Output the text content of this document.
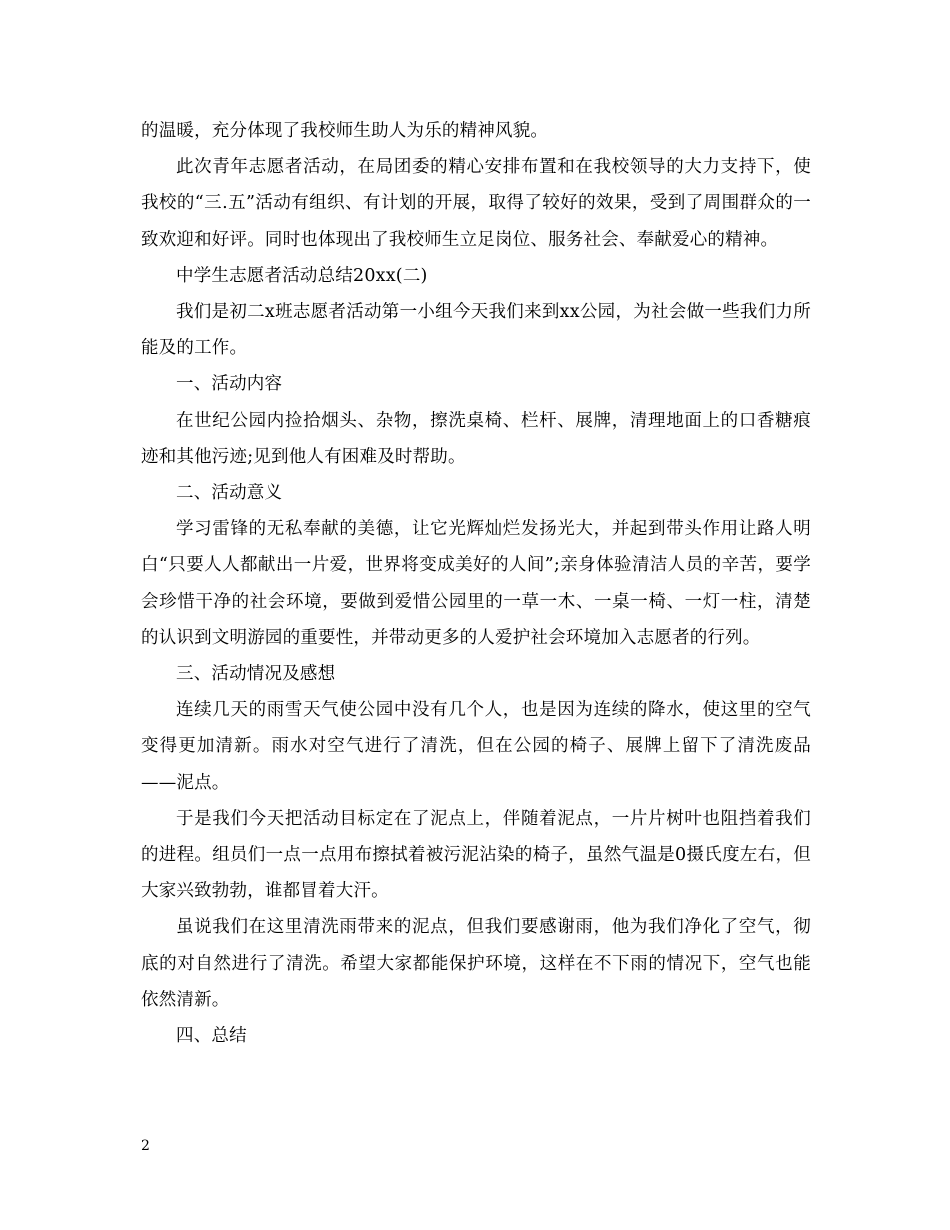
的温暖，充分体现了我校师生助人为乐的精神风貌。

此次青年志愿者活动，在局团委的精心安排布置和在我校领导的大力支持下，使我校的“三.五”活动有组织、有计划的开展，取得了较好的效果，受到了周围群众的一致欢迎和好评。同时也体现出了我校师生立足岗位、服务社会、奉献爱心的精神。

中学生志愿者活动总结20xx(二)

我们是初二x班志愿者活动第一小组今天我们来到xx公园，为社会做一些我们力所能及的工作。

一、活动内容

在世纪公园内捡拾烟头、杂物，擦洗桌椅、栏杆、展牌，清理地面上的口香糖痕迹和其他污迹;见到他人有困难及时帮助。

二、活动意义

学习雷锋的无私奉献的美德，让它光辉灿烂发扬光大，并起到带头作用让路人明白“只要人人都献出一片爱，世界将变成美好的人间”;亲身体验清洁人员的辛苦，要学会珍惜干净的社会环境，要做到爱惜公园里的一草一木、一桌一椅、一灯一柱，清楚的认识到文明游园的重要性，并带动更多的人爱护社会环境加入志愿者的行列。

三、活动情况及感想

连续几天的雨雪天气使公园中没有几个人，也是因为连续的降水，使这里的空气变得更加清新。雨水对空气进行了清洗，但在公园的椅子、展牌上留下了清洗废品——泥点。

于是我们今天把活动目标定在了泥点上，伴随着泥点，一片片树叶也阻挡着我们的进程。组员们一点一点用布擦拭着被污泥沾染的椅子，虽然气温是0摄氏度左右，但大家兴致勃勃，谁都冒着大汗。

虽说我们在这里清洗雨带来的泥点，但我们要感谢雨，他为我们净化了空气，彻底的对自然进行了清洗。希望大家都能保护环境，这样在不下雨的情况下，空气也能依然清新。

四、总结

2
